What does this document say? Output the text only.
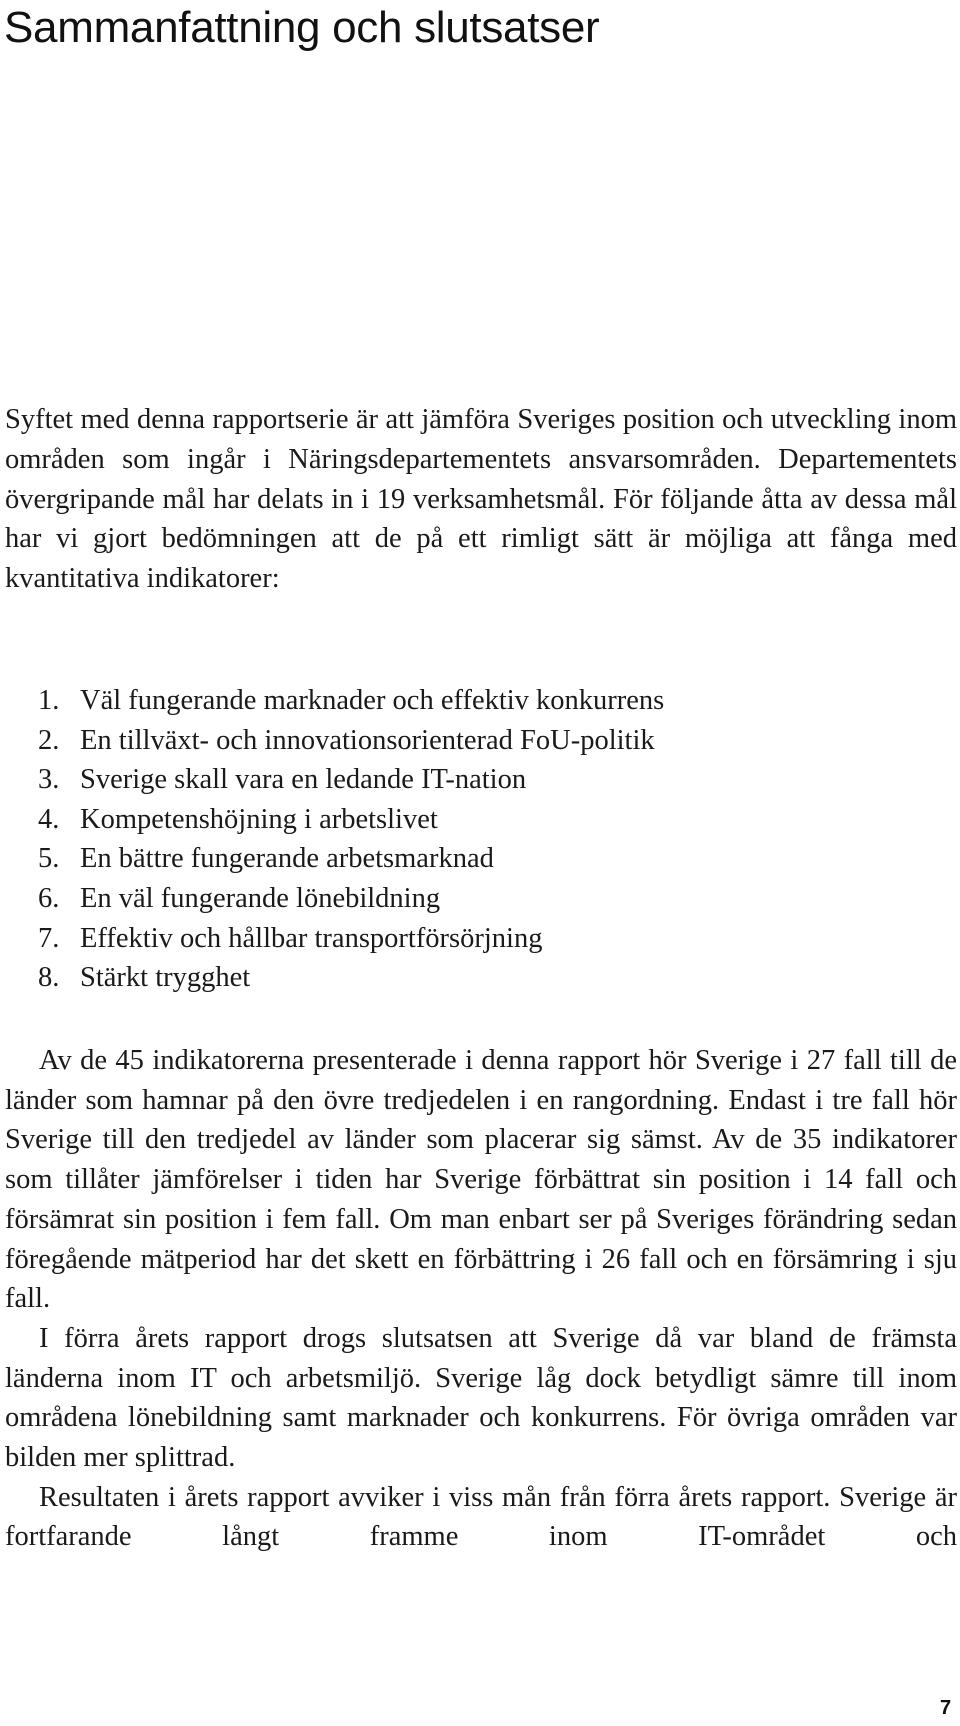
Sammanfattning och slutsatser

Syftet med denna rapportserie är att jämföra Sveriges position och utveckling inom områden som ingår i Näringsdepartementets ansvarsområden. Departementets övergripande mål har delats in i 19 verksamhetsmål. För följande åtta av dessa mål har vi gjort bedömningen att de på ett rimligt sätt är möjliga att fånga med kvantitativa indikatorer:

1. Väl fungerande marknader och effektiv konkurrens
2. En tillväxt- och innovationsorienterad FoU-politik
3. Sverige skall vara en ledande IT-nation
4. Kompetenshöjning i arbetslivet
5. En bättre fungerande arbetsmarknad
6. En väl fungerande lönebildning
7. Effektiv och hållbar transportförsörjning
8. Stärkt trygghet

Av de 45 indikatorerna presenterade i denna rapport hör Sverige i 27 fall till de länder som hamnar på den övre tredjedelen i en rangordning. Endast i tre fall hör Sverige till den tredjedel av länder som placerar sig sämst. Av de 35 indikatorer som tillåter jämförelser i tiden har Sverige förbättrat sin position i 14 fall och försämrat sin position i fem fall. Om man enbart ser på Sveriges förändring sedan föregående mätperiod har det skett en förbättring i 26 fall och en försämring i sju fall.

I förra årets rapport drogs slutsatsen att Sverige då var bland de främsta länderna inom IT och arbetsmiljö. Sverige låg dock betydligt sämre till inom områdena lönebildning samt marknader och konkurrens. För övriga områden var bilden mer splittrad.

Resultaten i årets rapport avviker i viss mån från förra årets rapport. Sverige är fortfarande långt framme inom IT-området och

7
